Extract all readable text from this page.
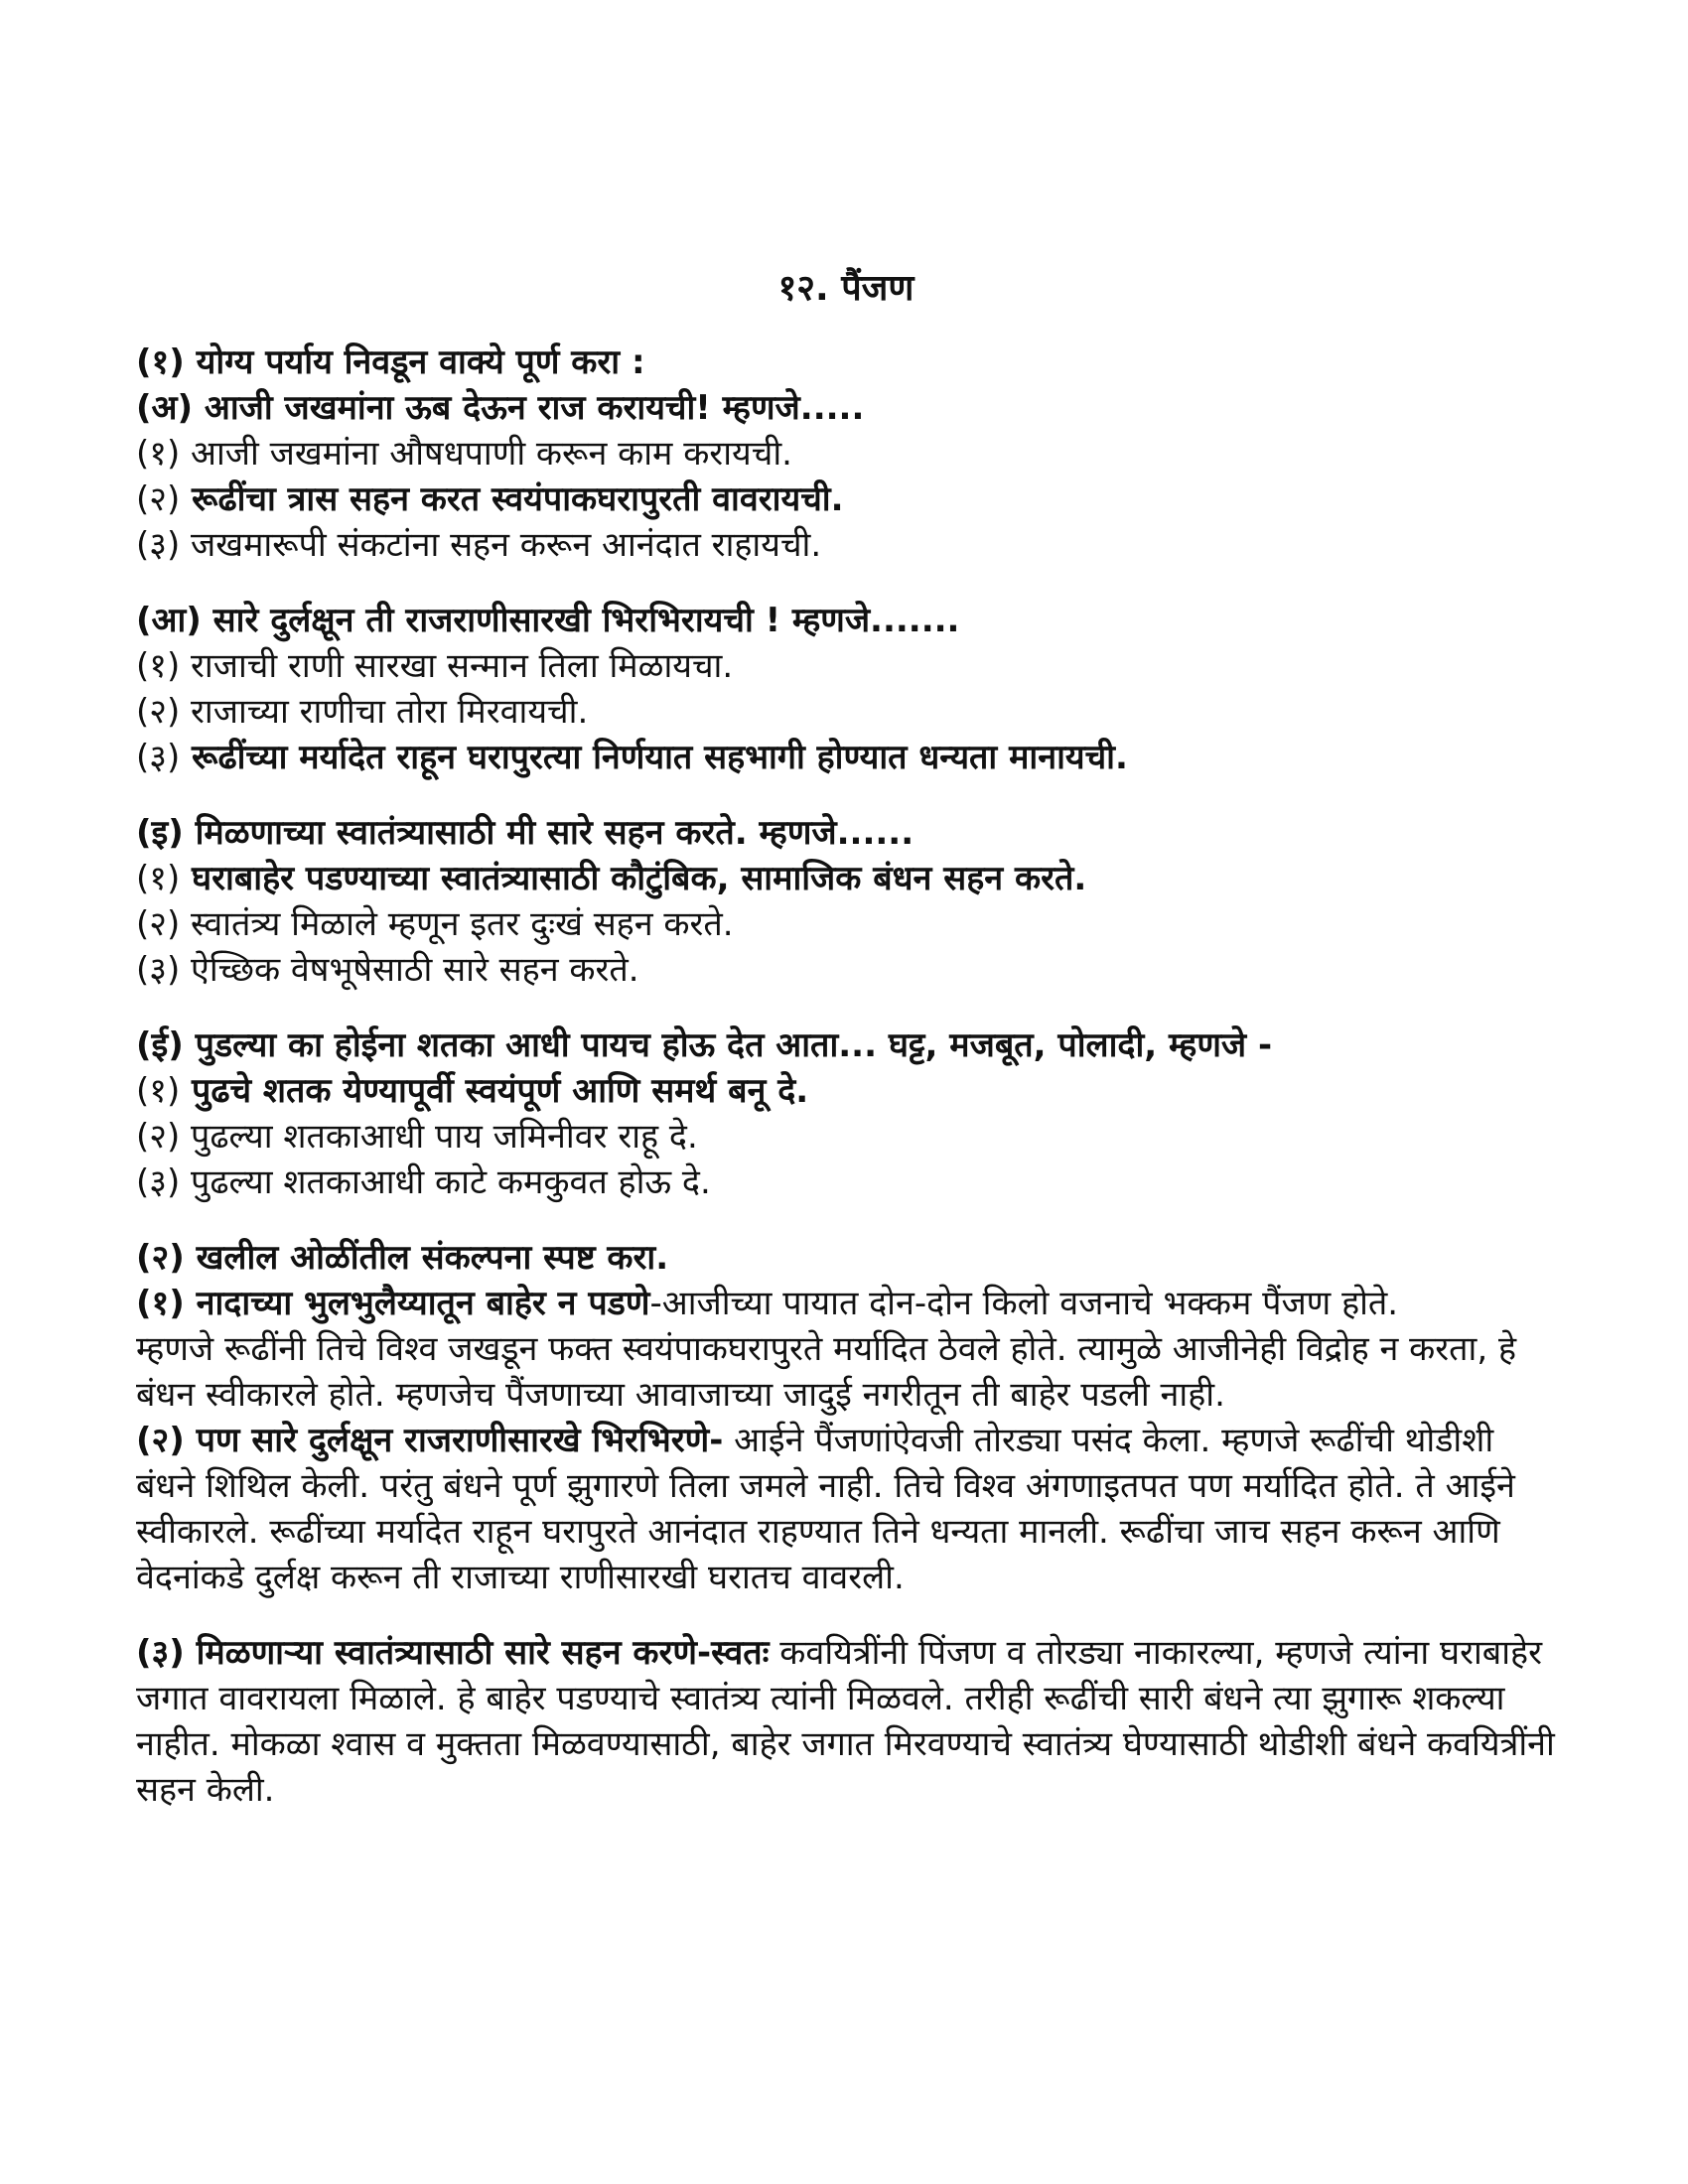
१२. पैंजण
(१) योग्य पर्याय निवडून वाक्ये पूर्ण करा :
(अ) आजी जखमांना ऊब देऊन राज करायची! म्हणजे.....
(१) आजी जखमांना औषधपाणी करून काम करायची.
(२) रूढींचा त्रास सहन करत स्वयंपाकघरापुरती वावरायची.
(३) जखमारूपी संकटांना सहन करून आनंदात राहायची.
(आ) सारे दुर्लक्षून ती राजराणीसारखी भिरभिरायची ! म्हणजे.......
(१) राजाची राणी सारखा सन्मान तिला मिळायचा.
(२) राजाच्या राणीचा तोरा मिरवायची.
(३) रूढींच्या मर्यादेत राहून घरापुरत्या निर्णयात सहभागी होण्यात धन्यता मानायची.
(इ) मिळणाच्या स्वातंत्र्यासाठी मी सारे सहन करते. म्हणजे......
(१) घराबाहेर पडण्याच्या स्वातंत्र्यासाठी कौटुंबिक, सामाजिक बंधन सहन करते.
(२) स्वातंत्र्य मिळाले म्हणून इतर दुःखं सहन करते.
(३) ऐच्छिक वेषभूषेसाठी सारे सहन करते.
(ई) पुडल्या का होईना शतका आधी पायच होऊ देत आता... घट्ट, मजबूत, पोलादी, म्हणजे -
(१) पुढचे शतक येण्यापूर्वी स्वयंपूर्ण आणि समर्थ बनू दे.
(२) पुढल्या शतकाआधी पाय जमिनीवर राहू दे.
(३) पुढल्या शतकाआधी काटे कमकुवत होऊ दे.
(२) खलील ओळींतील संकल्पना स्पष्ट करा.

(१) नादाच्या भुलभुलैय्यातून बाहेर न पडणे-आजीच्या पायात दोन-दोन किलो वजनाचे भक्कम पैंजण होते.

म्हणजे रूढींनी तिचे विश्व जखडून फक्त स्वयंपाकघरापुरते मर्यादित ठेवले होते. त्यामुळे आजीनेही विद्रोह न करता, हे बंधन स्वीकारले होते. म्हणजेच पैंजणाच्या आवाजाच्या जादुई नगरीतून ती बाहेर पडली नाही.

(२) पण सारे दुर्लक्षून राजराणीसारखे भिरभिरणे- आईने पैंजणांऐवजी तोरड्या पसंद केला. म्हणजे रूढींची थोडीशी बंधने शिथिल केली. परंतु बंधने पूर्ण झुगारणे तिला जमले नाही. तिचे विश्व अंगणाइतपत पण मर्यादित होते. ते आईने स्वीकारले. रूढींच्या मर्यादेत राहून घरापुरते आनंदात राहण्यात तिने धन्यता मानली. रूढींचा जाच सहन करून आणि वेदनांकडे दुर्लक्ष करून ती राजाच्या राणीसारखी घरातच वावरली.

(३) मिळणाऱ्या स्वातंत्र्यासाठी सारे सहन करणे-स्वतः कवयित्रींनी पिंजण व तोरड्या नाकारल्या, म्हणजे त्यांना घराबाहेर जगात वावरायला मिळाले. हे बाहेर पडण्याचे स्वातंत्र्य त्यांनी मिळवले. तरीही रूढींची सारी बंधने त्या झुगारू शकल्या नाहीत. मोकळा श्वास व मुक्तता मिळवण्यासाठी, बाहेर जगात मिरवण्याचे स्वातंत्र्य घेण्यासाठी थोडीशी बंधने कवयित्रींनी सहन केली.
